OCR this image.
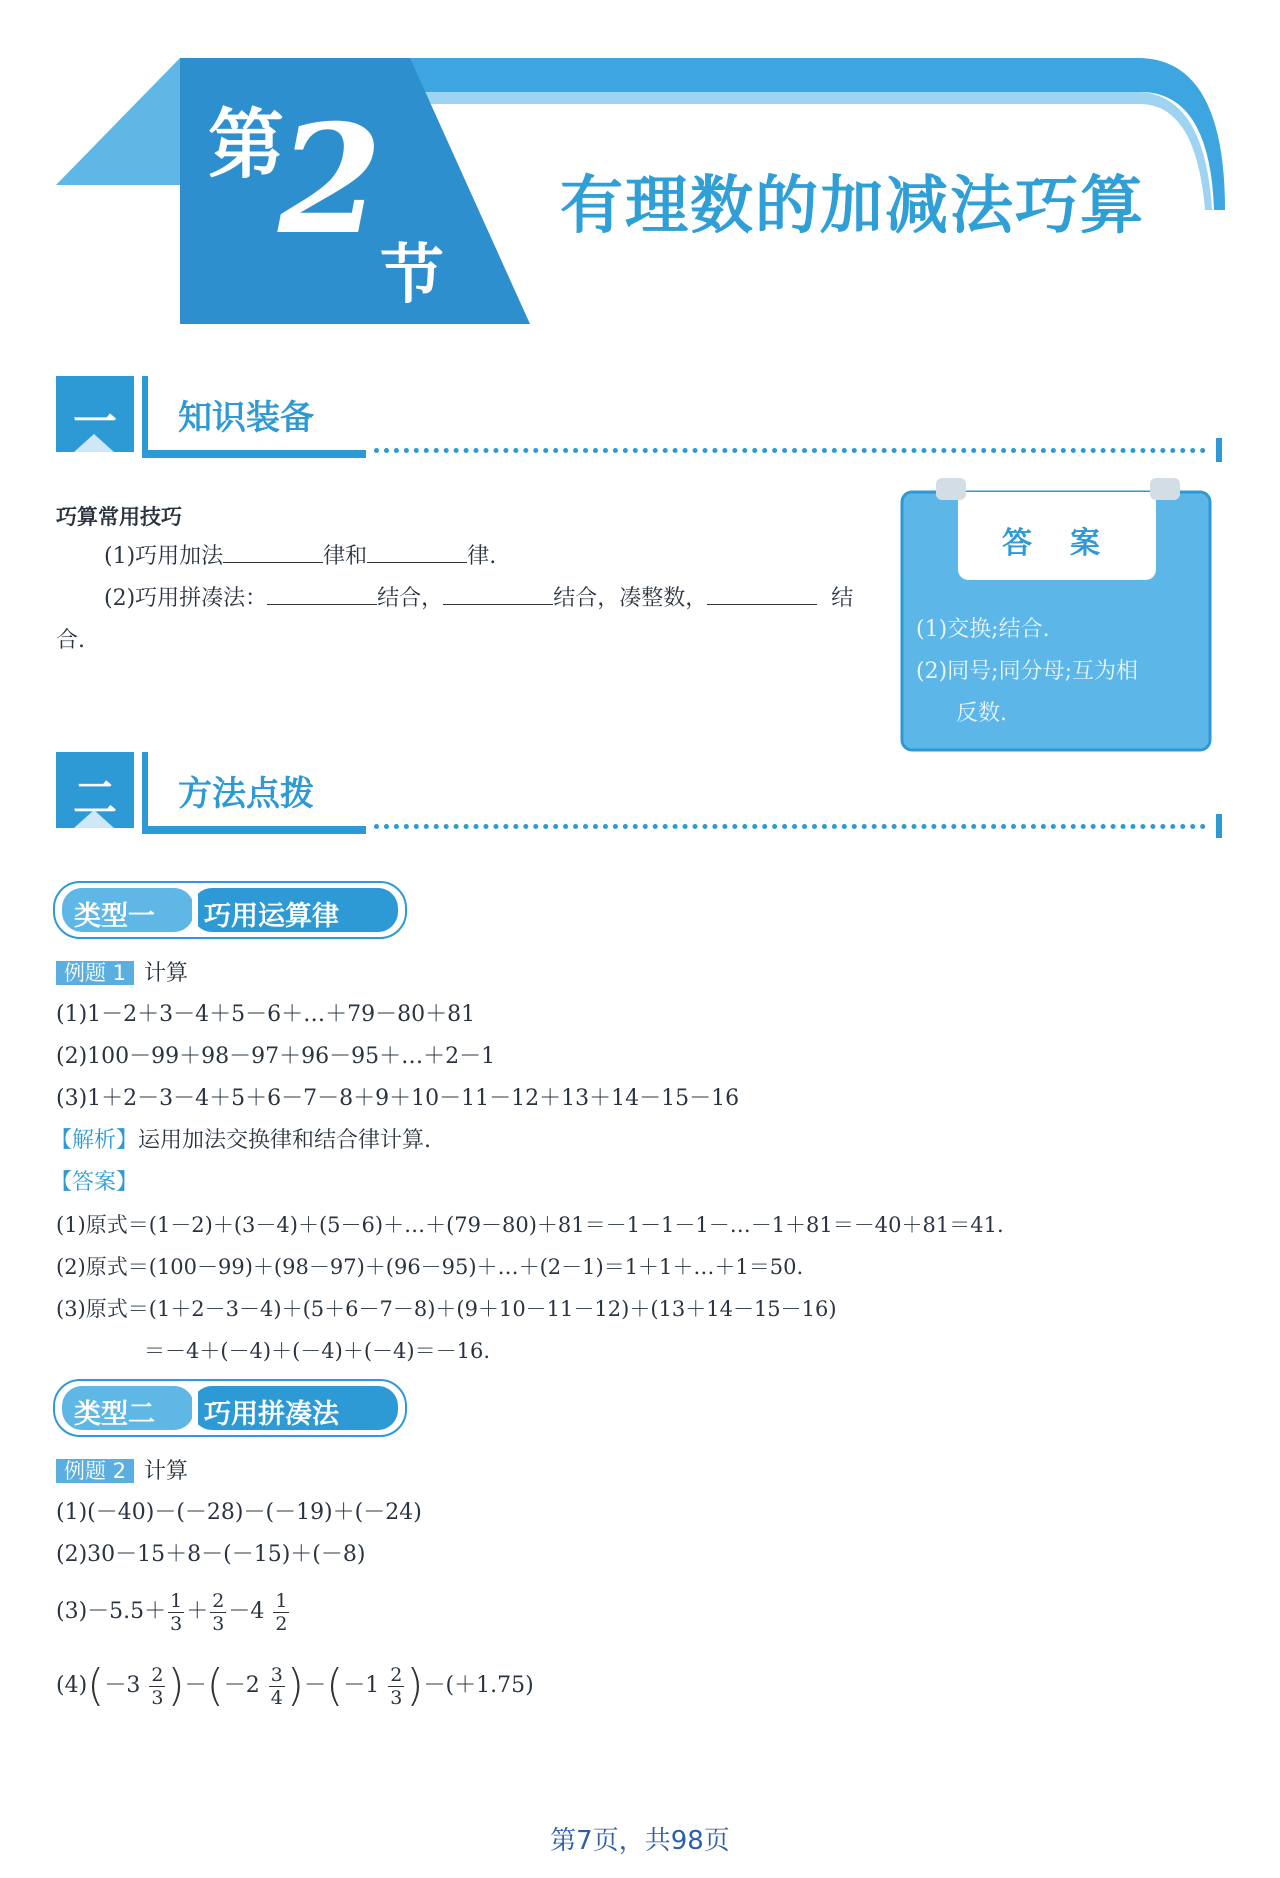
第
2
节
有理数的加减法巧算
一	知识装备
巧算常用技巧
(1)巧用加法	律和	律.
(2)巧用拼凑法：	结合，	结合，凑整数，	结
合.
答　案
(1)交换;结合.
(2)同号;同分母;互为相
反数.
二	方法点拨
类型一 巧用运算律
例题 1 计算
(1)1－2＋3－4＋5－6＋…＋79－80＋81
(2)100－99＋98－97＋96－95＋…＋2－1
(3)1＋2－3－4＋5＋6－7－8＋9＋10－11－12＋13＋14－15－16
【解析】运用加法交换律和结合律计算.
【答案】
(1)原式＝(1－2)＋(3－4)＋(5－6)＋…＋(79－80)＋81＝－1－1－1－…－1＋81＝－40＋81＝41.
(2)原式＝(100－99)＋(98－97)＋(96－95)＋…＋(2－1)＝1＋1＋…＋1＝50.
(3)原式＝(1＋2－3－4)＋(5＋6－7－8)＋(9＋10－11－12)＋(13＋14－15－16)
＝－4＋(－4)＋(－4)＋(－4)＝－16.
类型二 巧用拼凑法
例题 2 计算
(1)(－40)－(－28)－(－19)＋(－24)
(2)30－15＋8－(－15)＋(－8)
$(3)-5.5+ \frac{1}{3} + \frac{2}{3} -4 \frac{1}{2}$
$(4)(-3 \frac{2}{3} )-(-2 \frac{3}{4} )-(-1 \frac{2}{3} )-(+1.75)$
第7页，共98页
